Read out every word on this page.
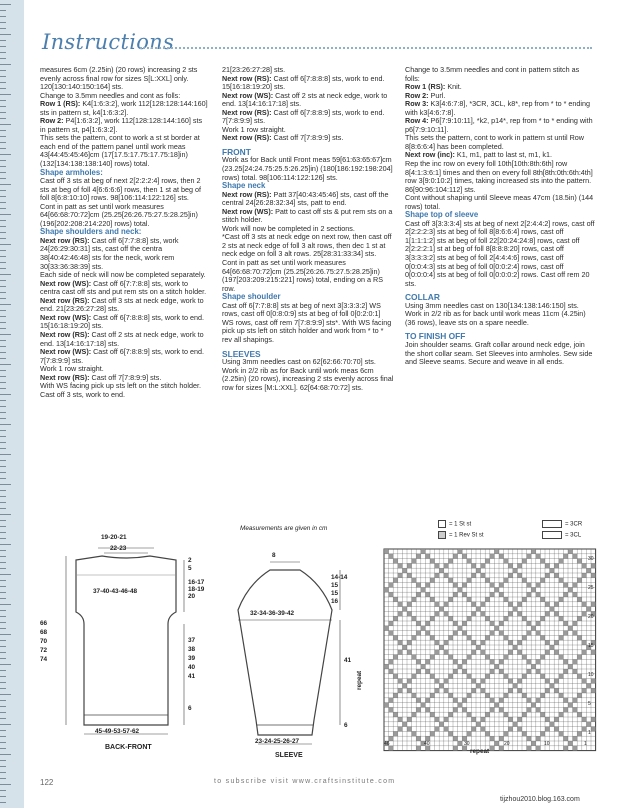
Instructions

measures 6cm (2.25in) (20 rows) increasing 2 sts evenly across final row for sizes S[L:XXL] only. 120[130:140:150:164] sts.

Change to 3.5mm needles and cont as folls:

Row 1 (RS): K4[1:6:3:2], work 112[128:128:144:160] sts in pattern st, k4[1:6:3:2].

Row 2: P4[1:6:3:2], work 112[128:128:144:160] sts in pattern st, p4[1:6:3:2].

This sets the pattern, cont to work a st st border at each end of the pattern panel until work meas 43[44:45:45:46]cm (17[17.5:17.75:17.75:18]in) (132[134:138:138:140] rows) total.

Shape armholes:

Cast off 3 sts at beg of next 2[2:2:2:4] rows, then 2 sts at beg of foll 4[6:6:6:6] rows, then 1 st at beg of foll 8[6:8:10:10] rows. 98[106:114:122:126] sts.

Cont in patt as set until work measures 64[66:68:70:72]cm (25.25[26:26.75:27.5:28.25]in) (196[202:208:214:220] rows) total.

Shape shoulders and neck:

Next row (RS): Cast off 6[7:7:8:8] sts, work 24[26:29:30:31] sts, cast off the centra 38[40:42:46:48] sts for the neck, work rem 30[33:36:38:39] sts.

Each side of neck will now be completed separately.

Next row (WS): Cast off 6[7:7:8:8] sts, work to centra cast off sts and put rem sts on a stitch holder.

Next row (RS): Cast off 3 sts at neck edge, work to end. 21[23:26:27:28] sts.

Next row (WS): Cast off 6[7:8:8:8] sts, work to end. 15[16:18:19:20] sts.

Next row (RS): Cast off 2 sts at neck edge, work to end. 13[14:16:17:18] sts.

Next row (WS): Cast off 6[7:8:8:9] sts, work to end. 7[7:8:9:9] sts.

Work 1 row straight.

Next row (RS): Cast off 7[7:8:9:9] sts.

With WS facing pick up sts left on the stitch holder. Cast off 3 sts, work to end.

21[23:26:27:28] sts.

Next row (RS): Cast off 6[7:8:8:8] sts, work to end. 15[16:18:19:20] sts.

Next row (WS): Cast off 2 sts at neck edge, work to end. 13[14:16:17:18] sts.

Next row (RS): Cast off 6[7:8:8:9] sts, work to end. 7[7:8:9:9] sts.

Work 1 row straight.

Next row (RS): Cast off 7[7:8:9:9] sts.

FRONT

Work as for Back until Front meas 59[61:63:65:67]cm (23.25[24:24.75:25.5:26.25]in) (180[186:192:198:204] rows) total. 98[106:114:122:126] sts.

Shape neck

Next row (RS): Patt 37[40:43:45:46] sts, cast off the central 24[26:28:32:34] sts, patt to end.

Next row (WS): Patt to cast off sts & put rem sts on a stitch holder.

Work will now be completed in 2 sections.

*Cast off 3 sts at neck edge on next row, then cast off 2 sts at neck edge of foll 3 alt rows, then dec 1 st at neck edge on foll 3 alt rows. 25[28:31:33:34] sts.

Cont in patt as set until work measures 64[66:68:70:72]cm (25.25[26:26.75:27.5:28.25]in) (197[203:209:215:221] rows) total, ending on a RS row.

Shape shoulder

Cast off 6[7:7:8:8] sts at beg of next 3[3:3:3:2] WS rows, cast off 0[0:8:0:9] sts at beg of foll 0[0:2:0:1] WS rows, cast off rem 7[7:8:9:9] sts*. With WS facing pick up sts left on stitch holder and work from * to * rev all shapings.

SLEEVES

Using 3mm needles cast on 62[62:66:70:70] sts. Work in 2/2 rib as for Back until work meas 6cm (2.25in) (20 rows), increasing 2 sts evenly across final row for sizes [M:L:XXL]. 62[64:68:70:72] sts.

Change to 3.5mm needles and cont in pattern stitch as folls:

Row 1 (RS): Knit.

Row 2: Purl.

Row 3: K3[4:6:7:8], *3CR, 3CL, k8*, rep from * to * ending with k3[4:6:7:8].

Row 4: P6[7:9:10:11], *k2, p14*, rep from * to * ending with p6[7:9:10:11].

This sets the pattern, cont to work in pattern st until Row 8[8:6:6:4] has been completed.

Next row (inc): K1, m1, patt to last st, m1, k1.

Rep the inc row on every foll 10th[10th:8th:6th] row 8[4:1:3:6:1] times and then on every foll 8th[8th:0th:6th:4th] row 3[9:0:10:2] times, taking increased sts into the pattern. 86[90:96:104:112] sts.

Cont without shaping until Sleeve meas 47cm (18.5in) (144 rows) total.

Shape top of sleeve

Cast off 3[3:3:3:4] sts at beg of next 2[2:4:4:2] rows, cast off 2[2:2:2:3] sts at beg of foll 8[8:6:6:4] rows, cast off 1[1:1:1:2] sts at beg of foll 22[20:24:24:8] rows, cast off 2[2:2:2:1] st at beg of foll 8[8:8:8:20] rows, cast off 3[3:3:3:2] sts at beg of foll 2[4:4:4:6] rows, cast off 0[0:0:4:3] sts at beg of foll 0[0:0:2:4] rows, cast off 0[0:0:0:4] sts at beg of foll 0[0:0:0:2] rows. Cast off rem 20 sts.

COLLAR

Using 3mm needles cast on 130[134:138:146:150] sts.

Work in 2/2 rib as for back until work meas 11cm (4.25in) (36 rows), leave sts on a spare needle.

TO FINISH OFF

Join shoulder seams. Graft collar around neck edge, join the short collar seam. Set Sleeves into armholes. Sew side and Sleeve seams. Secure and weave in all ends.

19-20-21
22-23
2
5
37-40-43-46-48
16-17
18-19
20
66
68
70
72
74
37
38
39
40
41
6
45-49-53-57-62
BACK-FRONT
Measurements are given in cm
8
14-14
15
15
16
32-34-36-39-42
41
6
23-24-25-26-27
SLEEVE
= 1 St st
= 1 Rev St st
= 3CR
= 3CL
repeat
repeat
46	40	30	20	10	1
30
25
20
15
10
5
1
122	to subscribe visit www.craftsinstitute.com
tijzhou2010.blog.163.com
